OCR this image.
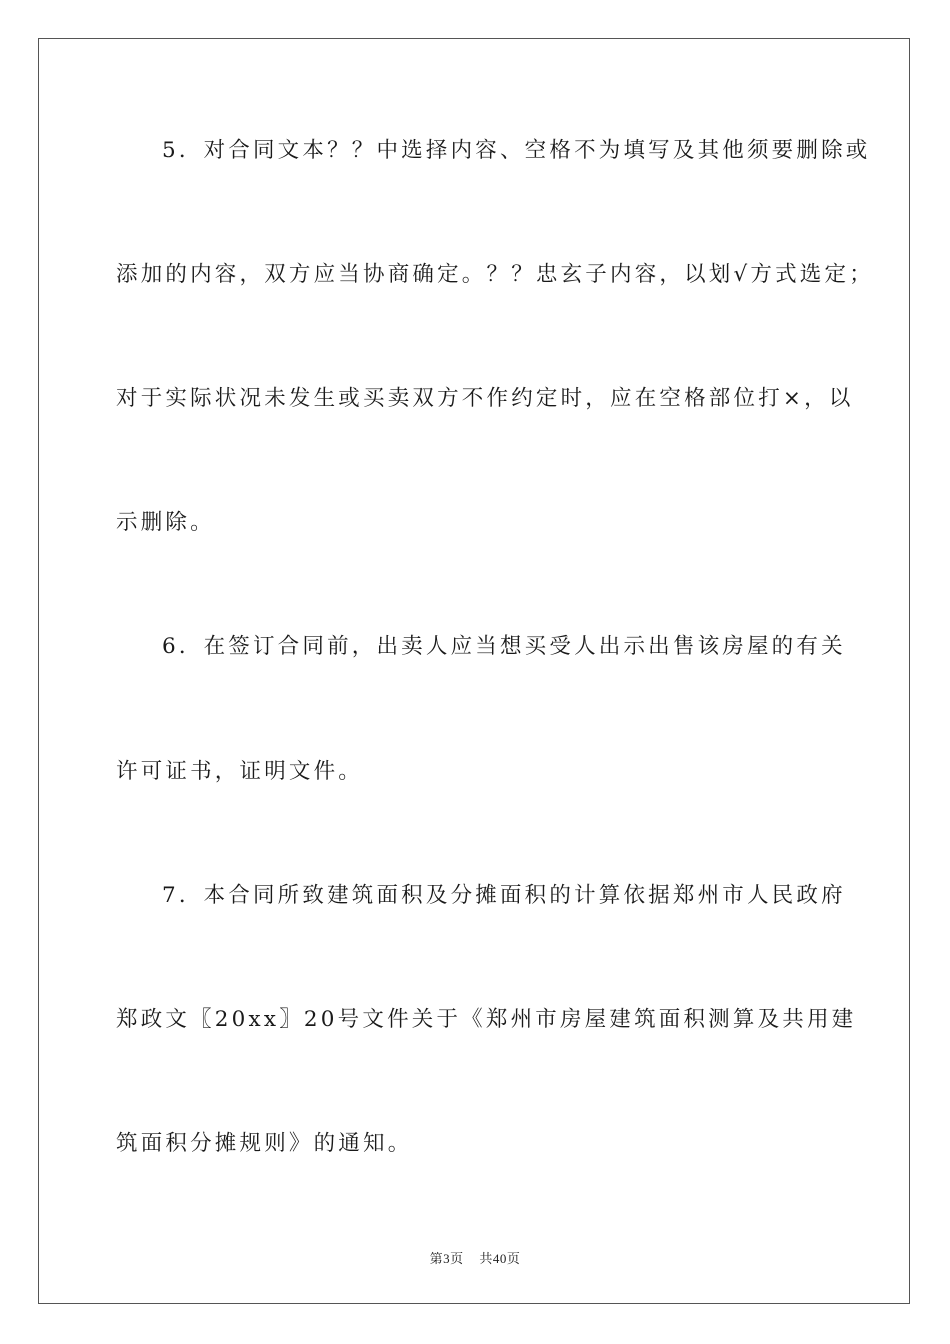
5．对合同文本？？中选择内容、空格不为填写及其他须要删除或
添加的内容，双方应当协商确定。？？忠玄子内容，以划√方式选定；
对于实际状况未发生或买卖双方不作约定时，应在空格部位打×，以
示删除。
6．在签订合同前，出卖人应当想买受人出示出售该房屋的有关
许可证书，证明文件。
7．本合同所致建筑面积及分摊面积的计算依据郑州市人民政府
郑政文〖20xx〗20号文件关于《郑州市房屋建筑面积测算及共用建
筑面积分摊规则》的通知。
第3页 共40页
